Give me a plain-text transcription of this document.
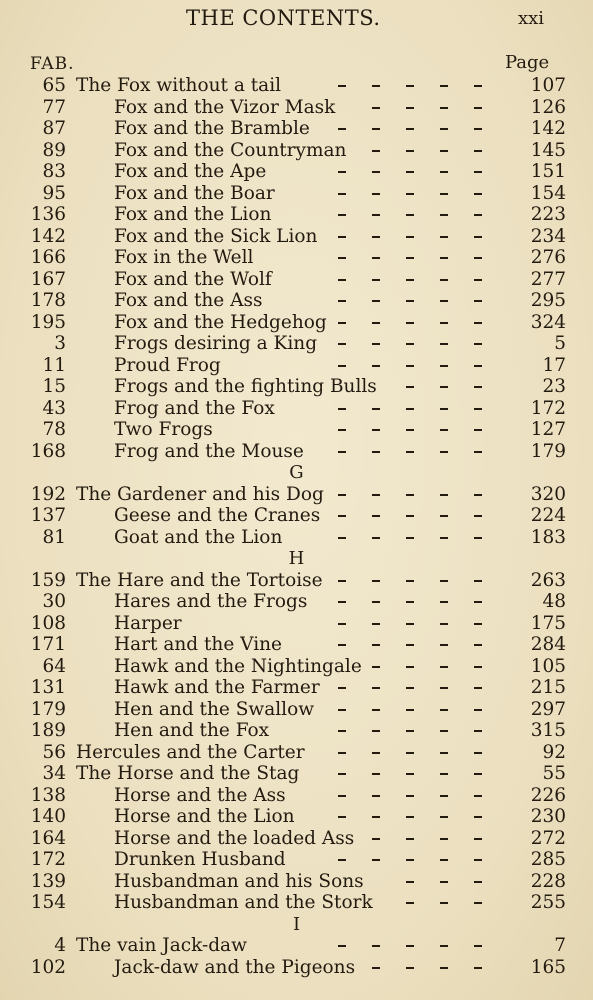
THE CONTENTS.	xxi
FAB.	Page
65 The Fox without a tail	107
77	Fox and the Vizor Mask	126
87	Fox and the Bramble	142
89	Fox and the Countryman	145
83	Fox and the Ape	151
95	Fox and the Boar	154
136	Fox and the Lion	223
142	Fox and the Sick Lion	234
166	Fox in the Well	276
167	Fox and the Wolf	277
178	Fox and the Ass	295
195	Fox and the Hedgehog	324
3	Frogs desiring a King	5
11	Proud Frog	17
15	Frogs and the fighting Bulls	23
43	Frog and the Fox	172
78	Two Frogs	127
168	Frog and the Mouse	179
G
192 The Gardener and his Dog	320
137	Geese and the Cranes	224
81	Goat and the Lion	183
H
159 The Hare and the Tortoise	263
30	Hares and the Frogs	48
108	Harper	175
171	Hart and the Vine	284
64	Hawk and the Nightingale	105
131	Hawk and the Farmer	215
179	Hen and the Swallow	297
189	Hen and the Fox	315
56 Hercules and the Carter	92
34 The Horse and the Stag	55
138	Horse and the Ass	226
140	Horse and the Lion	230
164	Horse and the loaded Ass	272
172	Drunken Husband	285
139	Husbandman and his Sons	228
154	Husbandman and the Stork	255
I
4 The vain Jack-daw	7
102	Jack-daw and the Pigeons	165
